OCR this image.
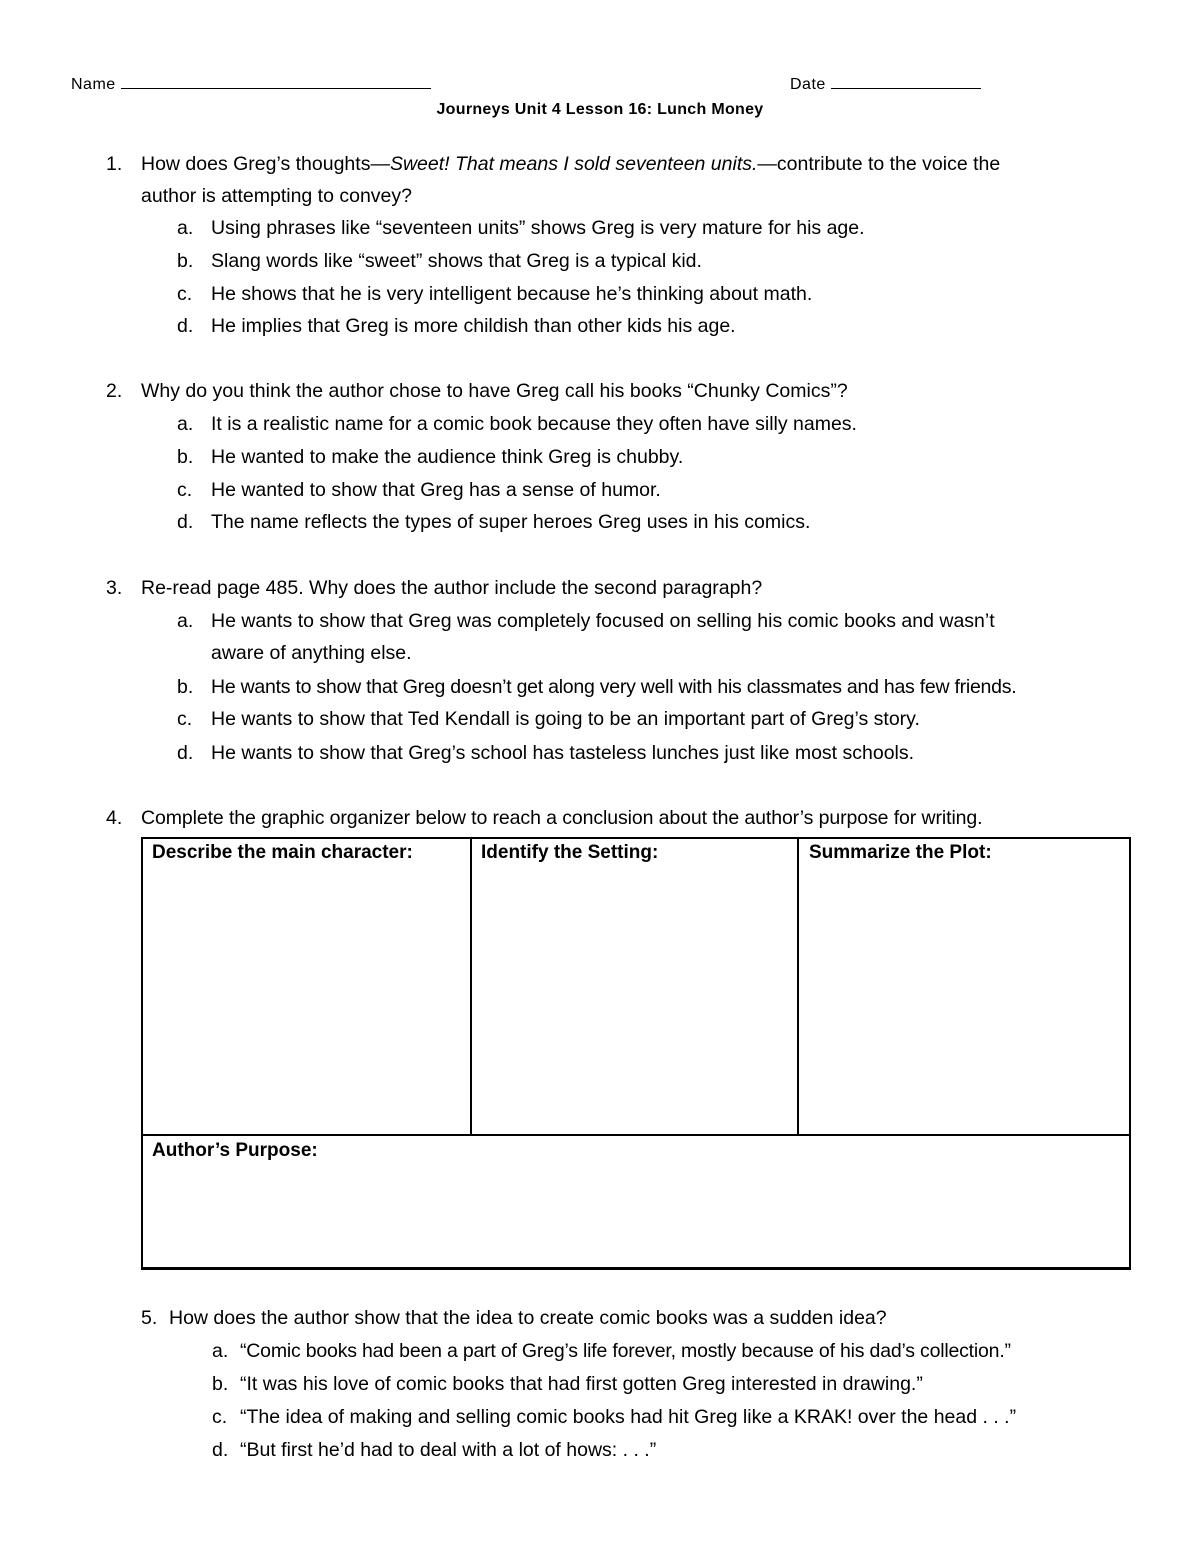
Name	Date
Journeys Unit 4 Lesson 16: Lunch Money
1. How does Greg’s thoughts—Sweet! That means I sold seventeen units.—contribute to the voice the
author is attempting to convey?
a. Using phrases like “seventeen units” shows Greg is very mature for his age.
b. Slang words like “sweet” shows that Greg is a typical kid.
c. He shows that he is very intelligent because he’s thinking about math.
d. He implies that Greg is more childish than other kids his age.
2. Why do you think the author chose to have Greg call his books “Chunky Comics”?
a. It is a realistic name for a comic book because they often have silly names.
b. He wanted to make the audience think Greg is chubby.
c. He wanted to show that Greg has a sense of humor.
d. The name reflects the types of super heroes Greg uses in his comics.
3. Re-read page 485. Why does the author include the second paragraph?
a. He wants to show that Greg was completely focused on selling his comic books and wasn’t
aware of anything else.
b. He wants to show that Greg doesn’t get along very well with his classmates and has few friends.
c. He wants to show that Ted Kendall is going to be an important part of Greg’s story.
d. He wants to show that Greg’s school has tasteless lunches just like most schools.
4. Complete the graphic organizer below to reach a conclusion about the author’s purpose for writing.
Describe the main character:	Identify the Setting:	Summarize the Plot:
Author’s Purpose:
5. How does the author show that the idea to create comic books was a sudden idea?
a. “Comic books had been a part of Greg’s life forever, mostly because of his dad’s collection.”
b. “It was his love of comic books that had first gotten Greg interested in drawing.”
c. “The idea of making and selling comic books had hit Greg like a KRAK! over the head . . .”
d. “But first he’d had to deal with a lot of hows: . . .”
